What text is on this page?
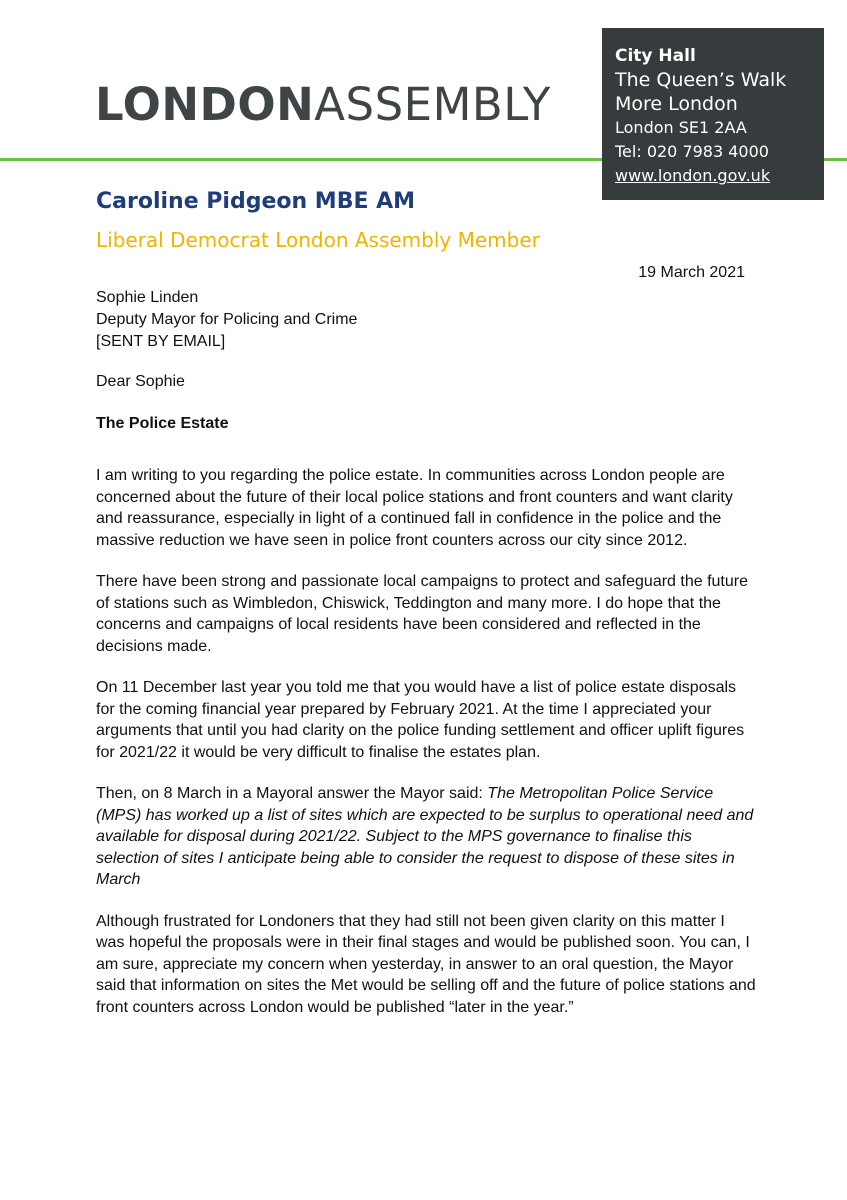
LONDONASSEMBLY
City Hall
The Queen’s Walk
More London
London SE1 2AA
Tel: 020 7983 4000
www.london.gov.uk
Caroline Pidgeon MBE AM
Liberal Democrat London Assembly Member
19 March 2021
Sophie Linden
Deputy Mayor for Policing and Crime
[SENT BY EMAIL]
Dear Sophie
The Police Estate

I am writing to you regarding the police estate. In communities across London people are concerned about the future of their local police stations and front counters and want clarity and reassurance, especially in light of a continued fall in confidence in the police and the massive reduction we have seen in police front counters across our city since 2012.

There have been strong and passionate local campaigns to protect and safeguard the future of stations such as Wimbledon, Chiswick, Teddington and many more. I do hope that the concerns and campaigns of local residents have been considered and reflected in the decisions made.

On 11 December last year you told me that you would have a list of police estate disposals for the coming financial year prepared by February 2021. At the time I appreciated your arguments that until you had clarity on the police funding settlement and officer uplift figures for 2021/22 it would be very difficult to finalise the estates plan.

Then, on 8 March in a Mayoral answer the Mayor said: The Metropolitan Police Service (MPS) has worked up a list of sites which are expected to be surplus to operational need and available for disposal during 2021/22. Subject to the MPS governance to finalise this selection of sites I anticipate being able to consider the request to dispose of these sites in March

Although frustrated for Londoners that they had still not been given clarity on this matter I was hopeful the proposals were in their final stages and would be published soon. You can, I am sure, appreciate my concern when yesterday, in answer to an oral question, the Mayor said that information on sites the Met would be selling off and the future of police stations and front counters across London would be published “later in the year.”
